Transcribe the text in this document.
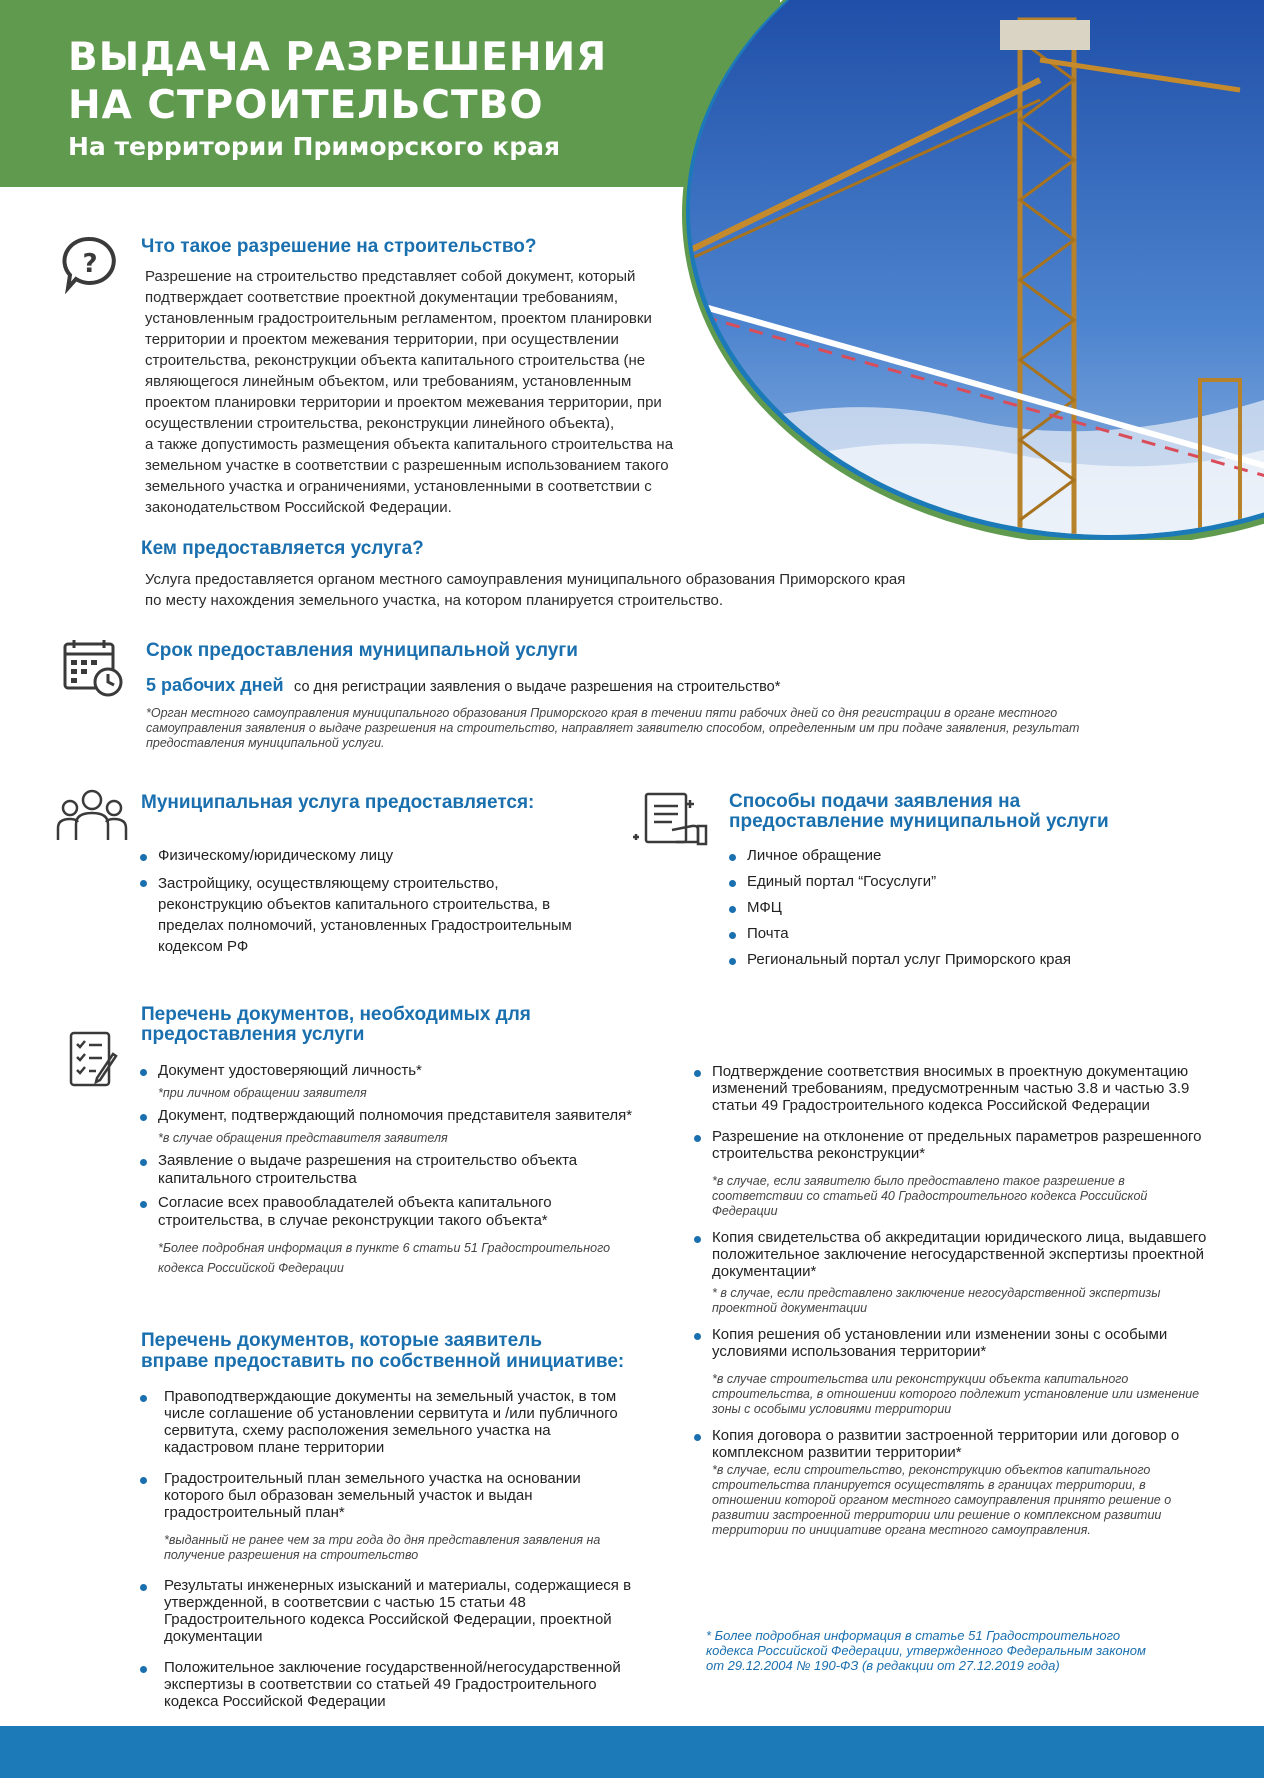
ВЫДАЧА РАЗРЕШЕНИЯ
НА СТРОИТЕЛЬСТВО
На территории Приморского края
?
Что такое разрешение на строительство?
Разрешение на строительство представляет собой документ, который
подтверждает соответствие проектной документации требованиям,
установленным градостроительным регламентом, проектом планировки
территории и проектом межевания территории, при осуществлении
строительства, реконструкции объекта капитального строительства (не
являющегося линейным объектом, или требованиям, установленным
проектом планировки территории и проектом межевания территории, при
осуществлении строительства, реконструкции линейного объекта),
а также допустимость размещения объекта капитального строительства на
земельном участке в соответствии с разрешенным использованием такого
земельного участка и ограничениями, установленными в соответствии с
законодательством Российской Федерации.
Кем предоставляется услуга?
Услуга предоставляется органом местного самоуправления муниципального образования Приморского края
по месту нахождения земельного участка, на котором планируется строительство.
Срок предоставления муниципальной услуги
5 рабочих дней со дня регистрации заявления о выдаче разрешения на строительство*
*Орган местного самоуправления муниципального образования Приморского края в течении пяти рабочих дней со дня регистрации в органе местного
самоуправления заявления о выдаче разрешения на строительство, направляет заявителю способом, определенным им при подаче заявления, результат
предоставления муниципальной услуги.
Муниципальная услуга предоставляется:
Физическому/юридическому лицу
Застройщику, осуществляющему строительство, реконструкцию объектов капитального строительства, в пределах полномочий, установленных Градостроительным кодексом РФ
Способы подачи заявления на
предоставление муниципальной услуги
Личное обращение
Единый портал “Госуслуги”
МФЦ
Почта
Региональный портал услуг Приморского края
Перечень документов, необходимых для
предоставления услуги
Документ удостоверяющий личность*
*при личном обращении заявителя
Документ, подтверждающий полномочия представителя заявителя*
*в случае обращения представителя заявителя
Заявление о выдаче разрешения на строительство объекта капитального строительства
Согласие всех правообладателей объекта капитального строительства, в случае реконструкции такого объекта*
*Более подробная информация в пункте 6 статьи 51 Градостроительного кодекса Российской Федерации
Перечень документов, которые заявитель
вправе предоставить по собственной инициативе:
Правоподтверждающие документы на земельный участок, в том числе соглашение об установлении сервитута и /или публичного сервитута, схему расположения земельного участка на кадастровом плане территории
Градостроительный план земельного участка на основании которого был образован земельный участок и выдан градостроительный план*
*выданный не ранее чем за три года до дня представления заявления на получение разрешения на строительство
Результаты инженерных изысканий и материалы, содержащиеся в утвержденной, в соответсвии с частью 15 статьи 48 Градостроительного кодекса Российской Федерации, проектной документации
Положительное заключение государственной/негосударственной экспертизы в соответствии со статьей 49 Градостроительного кодекса Российской Федерации
Подтверждение соответствия вносимых в проектную документацию изменений требованиям, предусмотренным частью 3.8 и частью 3.9 статьи 49 Градостроительного кодекса Российской Федерации
Разрешение на отклонение от предельных параметров разрешенного строительства реконструкции*
*в случае, если заявителю было предоставлено такое разрешение в соответствии со статьей 40 Градостроительного кодекса Российской Федерации
Копия свидетельства об аккредитации юридического лица, выдавшего положительное заключение негосударственной экспертизы проектной документации*
* в случае, если представлено заключение негосударственной экспертизы проектной документации
Копия решения об установлении или изменении зоны с особыми условиями использования территории*
*в случае строительства или реконструкции объекта капитального строительства, в отношении которого подлежит установление или изменение зоны с особыми условиями территории
Копия договора о развитии застроенной территории или договор о комплексном развитии территории*
*в случае, если строительство, реконструкцию объектов капитального строительства планируется осуществлять в границах территории, в отношении которой органом местного самоуправления принято решение о развитии застроенной территории или решение о комплексном развитии территории по инициативе органа местного самоуправления.
* Более подробная информация в статье 51 Градостроительного
кодекса Российской Федерации, утвержденного Федеральным законом
от 29.12.2004 № 190-ФЗ (в редакции от 27.12.2019 года)
